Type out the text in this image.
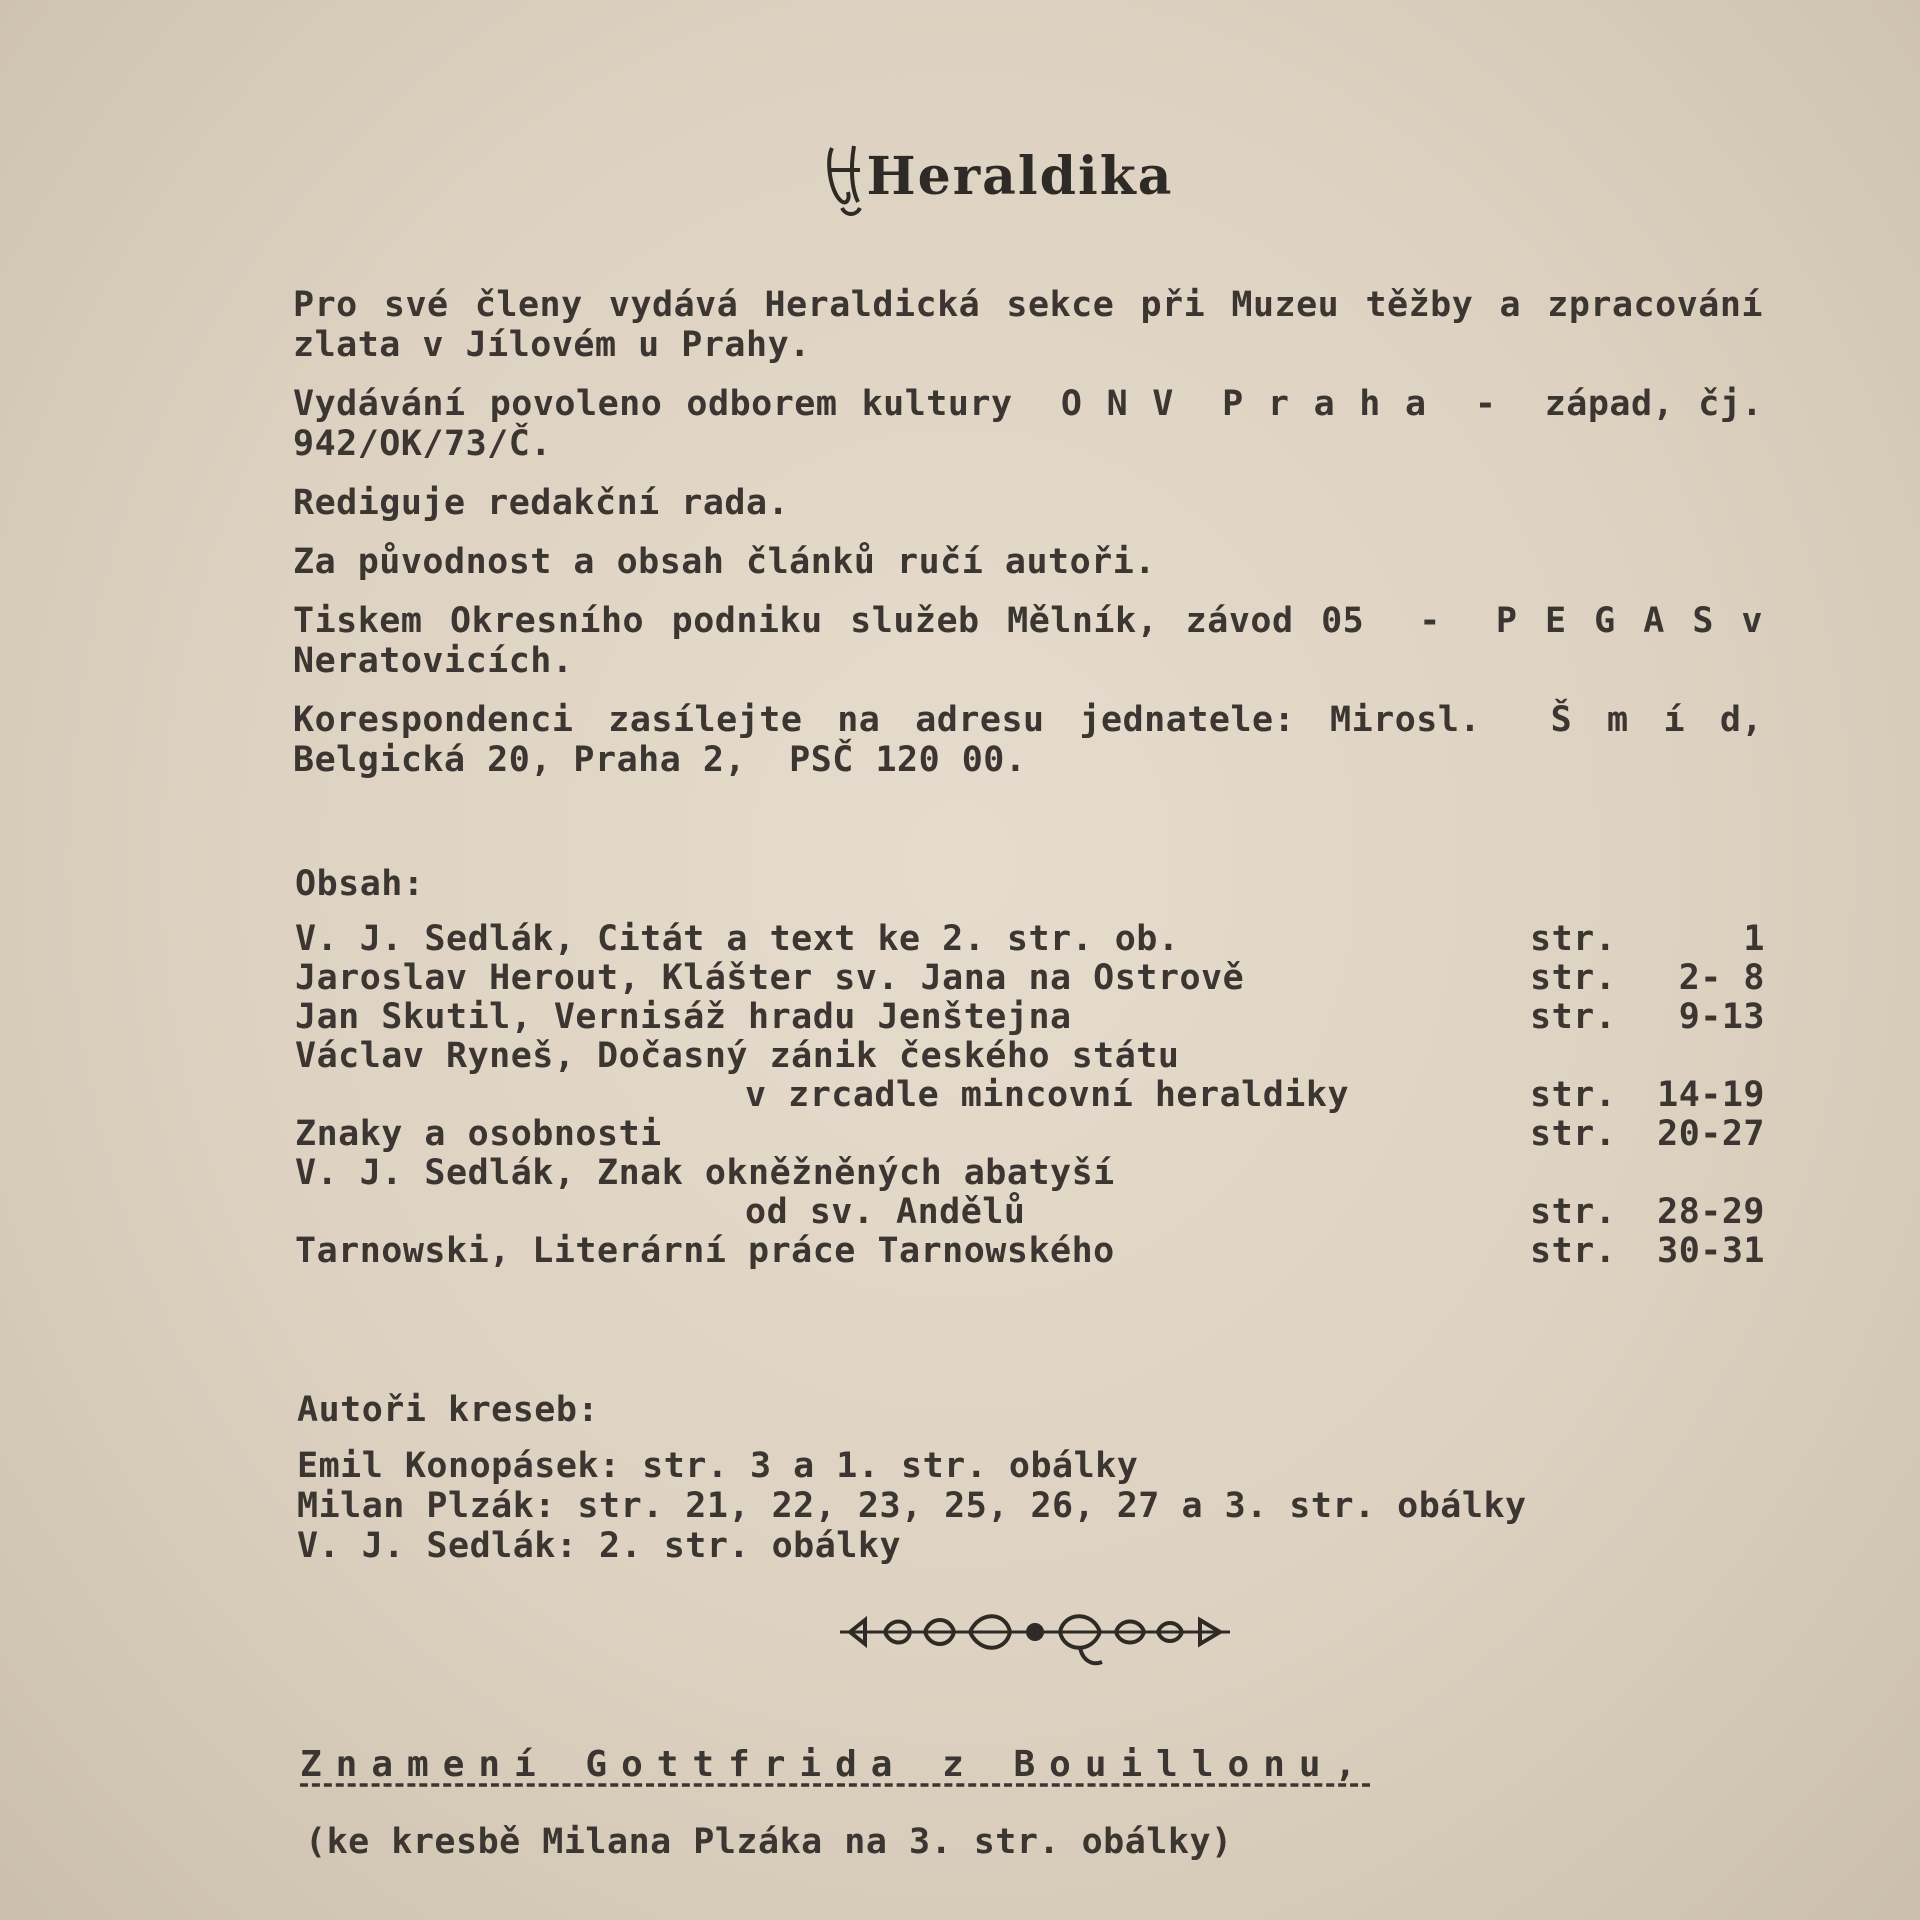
Heraldika

Pro své členy vydává Heraldická sekce při Muzeu těžby a zpracování zlata v Jílovém u Prahy.

Vydávání povoleno odborem kultury  O N V  P r a h a  -  západ, čj. 942/OK/73/Č.

Rediguje redakční rada.

Za původnost a obsah článků ručí autoři.

Tiskem Okresního podniku služeb Mělník, závod 05  -  P E G A S v Neratovicích.

Korespondenci zasílejte na adresu jednatele: Mirosl.  Š m í d, Belgická 20, Praha 2,  PSČ 120 00.

Obsah:
V. J. Sedlák, Citát a text ke 2. str. ob.	str.	1
Jaroslav Herout, Klášter sv. Jana na Ostrově	str. 2- 8
Jan Skutil, Vernisáž hradu Jenštejna	str. 9-13
Václav Ryneš, Dočasný zánik českého státu
v zrcadle mincovní heraldiky	str. 14-19
Znaky a osobnosti	str. 20-27
V. J. Sedlák, Znak okněžněných abatyší
od sv. Andělů	str. 28-29
Tarnowski, Literární práce Tarnowského	str. 30-31
Autoři kreseb:
Emil Konopásek: str. 3 a 1. str. obálky
Milan Plzák: str. 21, 22, 23, 25, 26, 27 a 3. str. obálky
V. J. Sedlák: 2. str. obálky
Znamení Gottfrida z Bouillonu,
(ke kresbě Milana Plzáka na 3. str. obálky)
